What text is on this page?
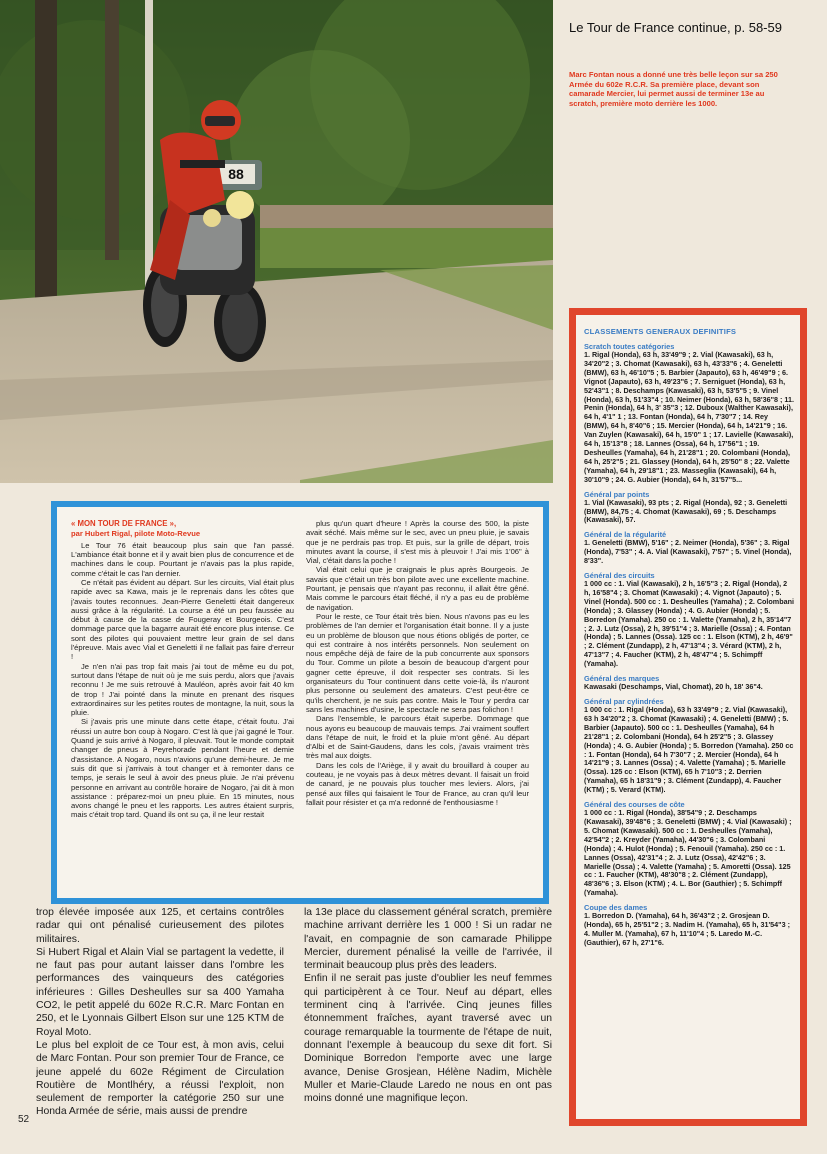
88
Le Tour de France continue, p. 58-59
Marc Fontan nous a donné une très belle leçon sur sa 250 Armée du 602e R.C.R. Sa première place, devant son camarade Mercier, lui permet aussi de terminer 13e au scratch, première moto derrière les 1000.
CLASSEMENTS GENERAUX DEFINITIFS
Scratch toutes catégories
1. Rigal (Honda), 63 h, 33'49"9 ; 2. Vial (Kawasaki), 63 h, 34'20"2 ; 3. Chomat (Kawasaki), 63 h, 43'33"6 ; 4. Geneletti (BMW), 63 h, 46'10"5 ; 5. Barbier (Japauto), 63 h, 46'49"9 ; 6. Vignot (Japauto), 63 h, 49'23"6 ; 7. Serniguet (Honda), 63 h, 52'43"1 ; 8. Deschamps (Kawasaki), 63 h, 53'5"5 ; 9. Vinel (Honda), 63 h, 51'33"4 ; 10. Neimer (Honda), 63 h, 58'36"8 ; 11. Penin (Honda), 64 h, 3' 35"3 ; 12. Duboux (Walther Kawasaki), 64 h, 4'1" 1 ; 13. Fontan (Honda), 64 h, 7'30"7 ; 14. Rey (BMW), 64 h, 8'40"6 ; 15. Mercier (Honda), 64 h, 14'21"9 ; 16. Van Zuylen (Kawasaki), 64 h, 15'0" 1 ; 17. Lavielle (Kawasaki), 64 h, 15'13"8 ; 18. Lannes (Ossa), 64 h, 17'56"1 ; 19. Desheulles (Yamaha), 64 h, 21'28"1 ; 20. Colombani (Honda), 64 h, 25'2"5 ; 21. Glassey (Honda), 64 h, 25'50" 8 ; 22. Valette (Yamaha), 64 h, 29'18"1 ; 23. Masseglia (Kawasaki), 64 h, 30'10"9 ; 24. G. Aubier (Honda), 64 h, 31'57"5...
Général par points
1. Vial (Kawasaki), 93 pts ; 2. Rigal (Honda), 92 ; 3. Geneletti (BMW), 84,75 ; 4. Chomat (Kawasaki), 69 ; 5. Deschamps (Kawasaki), 57.
Général de la régularité
1. Geneletti (BMW), 5'16" ; 2. Neimer (Honda), 5'36" ; 3. Rigal (Honda), 7'53" ; 4. A. Vial (Kawasaki), 7'57" ; 5. Vinel (Honda), 8'33".
Général des circuits
1 000 cc : 1. Vial (Kawasaki), 2 h, 16'5"3 ; 2. Rigal (Honda), 2 h, 16'58"4 ; 3. Chomat (Kawasaki) ; 4. Vignot (Japauto) ; 5. Vinel (Honda). 500 cc : 1. Desheulles (Yamaha) ; 2. Colombani (Honda) ; 3. Glassey (Honda) ; 4. G. Aubier (Honda) ; 5. Borredon (Yamaha). 250 cc : 1. Valette (Yamaha), 2 h, 35'14"7 ; 2. J. Lutz (Ossa), 2 h, 39'51"4 ; 3. Marielle (Ossa) ; 4. Fontan (Honda) ; 5. Lannes (Ossa). 125 cc : 1. Elson (KTM), 2 h, 46'9" ; 2. Clément (Zundapp), 2 h, 47'13"4 ; 3. Vérard (KTM), 2 h, 47'13"7 ; 4. Faucher (KTM), 2 h, 48'47"4 ; 5. Schimpff (Yamaha).
Général des marques
Kawasaki (Deschamps, Vial, Chomat), 20 h, 18' 36"4.
Général par cylindrées
1 000 cc : 1. Rigal (Honda), 63 h 33'49"9 ; 2. Vial (Kawasaki), 63 h 34'20"2 ; 3. Chomat (Kawasaki) ; 4. Geneletti (BMW) ; 5. Barbier (Japauto). 500 cc : 1. Desheulles (Yamaha), 64 h 21'28"1 ; 2. Colombani (Honda), 64 h 25'2"5 ; 3. Glassey (Honda) ; 4. G. Aubier (Honda) ; 5. Borredon (Yamaha). 250 cc : 1. Fontan (Honda), 64 h 7'30"7 ; 2. Mercier (Honda), 64 h 14'21"9 ; 3. Lannes (Ossa) ; 4. Valette (Yamaha) ; 5. Marielle (Ossa). 125 cc : Elson (KTM), 65 h 7'10"3 ; 2. Derrien (Yamaha), 65 h 18'31"9 ; 3. Clément (Zundapp), 4. Faucher (KTM) ; 5. Verard (KTM).
Général des courses de côte
1 000 cc : 1. Rigal (Honda), 38'54"9 ; 2. Deschamps (Kawasaki), 39'48"6 ; 3. Geneletti (BMW) ; 4. Vial (Kawasaki) ; 5. Chomat (Kawasaki). 500 cc : 1. Desheulles (Yamaha), 42'54"2 ; 2. Kreyder (Yamaha), 44'30"6 ; 3. Colombani (Honda) ; 4. Hulot (Honda) ; 5. Fenouil (Yamaha). 250 cc : 1. Lannes (Ossa), 42'31"4 ; 2. J. Lutz (Ossa), 42'42"6 ; 3. Marielle (Ossa) ; 4. Valette (Yamaha) ; 5. Amoretti (Ossa). 125 cc : 1. Faucher (KTM), 48'30"8 ; 2. Clément (Zundapp), 48'36"6 ; 3. Elson (KTM) ; 4. L. Bor (Gauthier) ; 5. Schimpff (Yamaha).
Coupe des dames
1. Borredon D. (Yamaha), 64 h, 36'43"2 ; 2. Grosjean D. (Honda), 65 h, 25'51"2 ; 3. Nadim H. (Yamaha), 65 h, 31'54"3 ; 4. Muller M. (Yamaha), 67 h, 11'10"4 ; 5. Laredo M.-C. (Gauthier), 67 h, 27'1"6.
« MON TOUR DE FRANCE »,
par Hubert Rigal, pilote Moto-Revue

Le Tour 76 était beaucoup plus sain que l'an passé. L'ambiance était bonne et il y avait bien plus de concurrence et de machines dans le coup. Pourtant je n'avais pas la plus rapide, comme c'était le cas l'an dernier.

Ce n'était pas évident au départ. Sur les circuits, Vial était plus rapide avec sa Kawa, mais je le reprenais dans les côtes que j'avais toutes reconnues. Jean-Pierre Geneletti était dangereux aussi grâce à la régularité. La course a été un peu faussée au début à cause de la casse de Fougeray et Bourgeois. C'est dommage parce que la bagarre aurait été encore plus intense. Ce sont des pilotes qui pouvaient mettre leur grain de sel dans l'épreuve. Mais avec Vial et Geneletti il ne fallait pas faire d'erreur !

Je n'en n'ai pas trop fait mais j'ai tout de même eu du pot, surtout dans l'étape de nuit où je me suis perdu, alors que j'avais reconnu ! Je me suis retrouvé à Mauléon, après avoir fait 40 km de trop ! J'ai pointé dans la minute en prenant des risques extraordinaires sur les petites routes de montagne, la nuit, sous la pluie.

Si j'avais pris une minute dans cette étape, c'était foutu. J'ai réussi un autre bon coup à Nogaro. C'est là que j'ai gagné le Tour. Quand je suis arrivé à Nogaro, il pleuvait. Tout le monde comptait changer de pneus à Peyrehorade pendant l'heure et demie d'assistance. A Nogaro, nous n'avions qu'une demi-heure. Je me suis dit que si j'arrivais à tout changer et à remonter dans ce temps, je serais le seul à avoir des pneus pluie. Je n'ai prévenu personne en arrivant au contrôle horaire de Nogaro, j'ai dit à mon assistance : préparez-moi un pneu pluie. En 15 minutes, nous avons changé le pneu et les rapports. Les autres étaient surpris, mais c'était trop tard. Quand ils ont su ça, il ne leur restait

plus qu'un quart d'heure ! Après la course des 500, la piste avait séché. Mais même sur le sec, avec un pneu pluie, je savais que je ne perdrais pas trop. Et puis, sur la grille de départ, trois minutes avant la course, il s'est mis à pleuvoir ! J'ai mis 1'06" à Vial, c'était dans la poche !

Vial était celui que je craignais le plus après Bourgeois. Je savais que c'était un très bon pilote avec une excellente machine. Pourtant, je pensais que n'ayant pas reconnu, il allait être gêné. Mais comme le parcours était fléché, il n'y a pas eu de problème de navigation.

Pour le reste, ce Tour était très bien. Nous n'avons pas eu les problèmes de l'an dernier et l'organisation était bonne. Il y a juste eu un problème de blouson que nous étions obligés de porter, ce qui est contraire à nos intérêts personnels. Non seulement on nous empêche déjà de faire de la pub concurrente aux sponsors du Tour. Comme un pilote a besoin de beaucoup d'argent pour gagner cette épreuve, il doit respecter ses contrats. Si les organisateurs du Tour continuent dans cette voie-là, ils n'auront plus personne ou seulement des amateurs. C'est peut-être ce qu'ils cherchent, je ne suis pas contre. Mais le Tour y perdra car sans les machines d'usine, le spectacle ne sera pas folichon !

Dans l'ensemble, le parcours était superbe. Dommage que nous ayons eu beaucoup de mauvais temps. J'ai vraiment souffert dans l'étape de nuit, le froid et la pluie m'ont gêné. Au départ d'Albi et de Saint-Gaudens, dans les cols, j'avais vraiment très très mal aux doigts.

Dans les cols de l'Ariège, il y avait du brouillard à couper au couteau, je ne voyais pas à deux mètres devant. Il faisait un froid de canard, je ne pouvais plus toucher mes leviers. Alors, j'ai pensé aux filles qui faisaient le Tour de France, au cran qu'il leur fallait pour résister et ça m'a redonné de l'enthousiasme !

trop élevée imposée aux 125, et certains contrôles radar qui ont pénalisé curieusement des pilotes militaires.

Si Hubert Rigal et Alain Vial se partagent la vedette, il ne faut pas pour autant laisser dans l'ombre les performances des vainqueurs des catégories inférieures : Gilles Desheulles sur sa 400 Yamaha CO2, le petit appelé du 602e R.C.R. Marc Fontan en 250, et le Lyonnais Gilbert Elson sur une 125 KTM de Royal Moto.

Le plus bel exploit de ce Tour est, à mon avis, celui de Marc Fontan. Pour son premier Tour de France, ce jeune appelé du 602e Régiment de Circulation Routière de Montlhéry, a réussi l'exploit, non seulement de remporter la catégorie 250 sur une Honda Armée de série, mais aussi de prendre

la 13e place du classement général scratch, première machine arrivant derrière les 1 000 ! Si un radar ne l'avait, en compagnie de son camarade Philippe Mercier, durement pénalisé la veille de l'arrivée, il terminait beaucoup plus près des leaders.

Enfin il ne serait pas juste d'oublier les neuf femmes qui participèrent à ce Tour. Neuf au départ, elles terminent cinq à l'arrivée. Cinq jeunes filles étonnemment fraîches, ayant traversé avec un courage remarquable la tourmente de l'étape de nuit, donnant l'exemple à beaucoup du sexe dit fort. Si Dominique Borredon l'emporte avec une large avance, Denise Grosjean, Hélène Nadim, Michèle Muller et Marie-Claude Laredo ne nous en ont pas moins donné une magnifique leçon.

52
